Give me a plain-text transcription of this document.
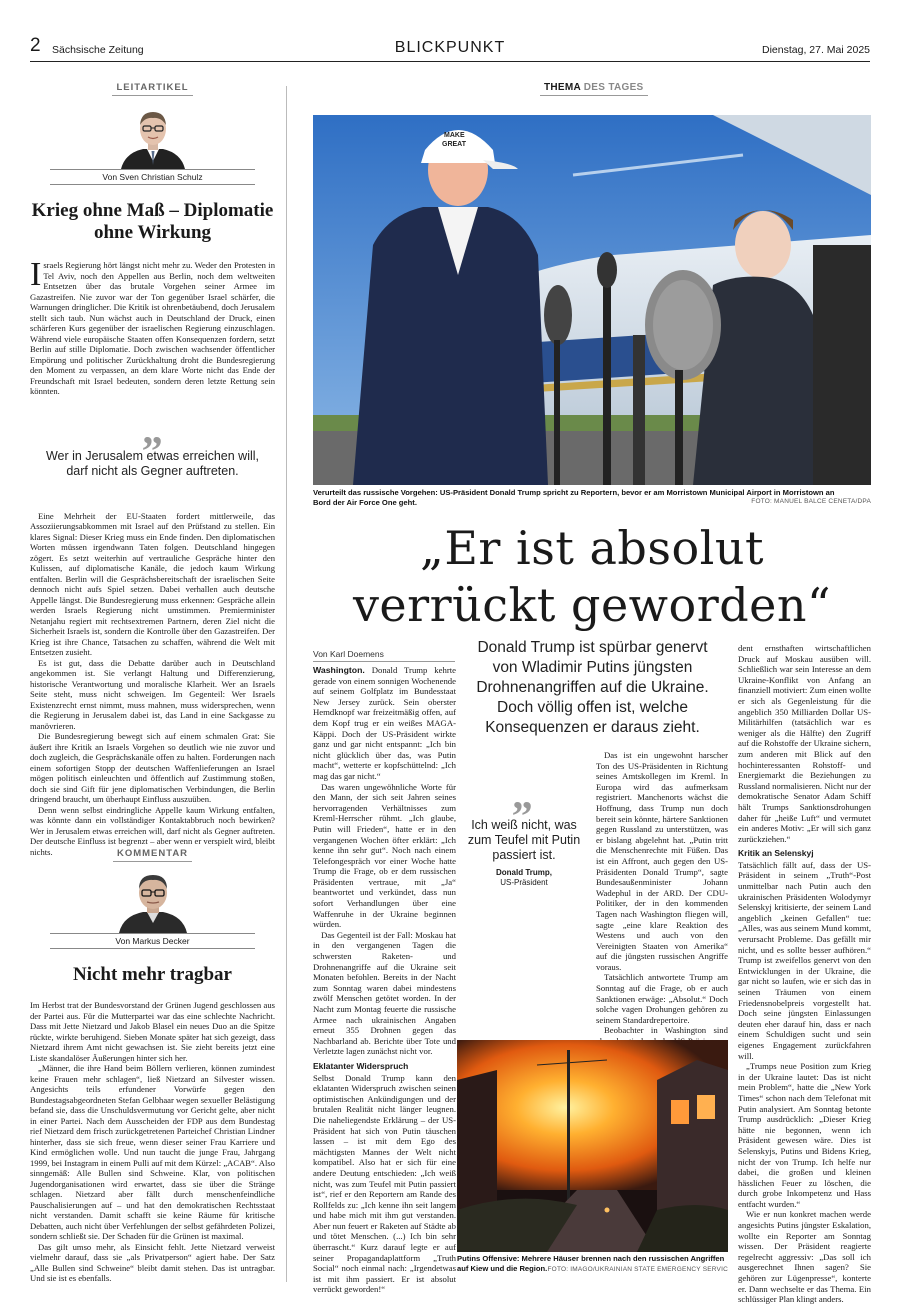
2 Sächsische Zeitung	BLICKPUNKT	Dienstag, 27. Mai 2025
LEITARTIKEL
Von Sven Christian Schulz
Krieg ohne Maß – Diplomatie ohne Wirkung

Israels Regierung hört längst nicht mehr zu. Weder den Protesten in Tel Aviv, noch den Appellen aus Berlin, noch dem weltweiten Entsetzen über das brutale Vorgehen seiner Armee im Gazastreifen. Nie zuvor war der Ton gegenüber Israel schärfer, die Warnungen dringlicher. Die Kritik ist ohrenbetäubend, doch Jerusalem stellt sich taub. Nun wächst auch in Deutschland der Druck, einen schärferen Kurs gegenüber der israelischen Regierung einzuschlagen. Während viele europäische Staaten offen Konsequenzen fordern, setzt Berlin auf stille Diplomatie. Doch zwischen wachsender öffentlicher Empörung und politischer Zurückhaltung droht die Bundesregierung den Moment zu verpassen, an dem klare Worte nicht das Ende der Freundschaft mit Israel bedeuten, sondern deren letzte Rettung sein könnten.

„
Wer in Jerusalem etwas erreichen will, darf nicht als Gegner auftreten.

Eine Mehrheit der EU-Staaten fordert mittlerweile, das Assoziierungsabkommen mit Israel auf den Prüfstand zu stellen. Ein klares Signal: Dieser Krieg muss ein Ende finden. Den diplomatischen Worten müssen irgendwann Taten folgen. Deutschland hingegen zögert. Es setzt weiterhin auf vertrauliche Gespräche hinter den Kulissen, auf diplomatische Kanäle, die jedoch kaum Wirkung entfalten. Berlin will die Gesprächsbereitschaft der israelischen Seite dennoch nicht aufs Spiel setzen. Dabei verhallen auch deutsche Appelle längst. Die Bundesregierung muss erkennen: Gespräche allein werden Israels Regierung nicht umstimmen. Premierminister Netanjahu regiert mit rechtsextremen Partnern, deren Ziel nicht die Sicherheit Israels ist, sondern die Kontrolle über den Gazastreifen. Der Krieg ist ihre Chance, Tatsachen zu schaffen, während die Welt mit Entsetzen zusieht.

Es ist gut, dass die Debatte darüber auch in Deutschland angekommen ist. Sie verlangt Haltung und Differenzierung, historische Verantwortung und moralische Klarheit. Wer an Israels Seite steht, muss nicht schweigen. Im Gegenteil: Wer Israels Existenzrecht ernst nimmt, muss mahnen, muss widersprechen, wenn die Regierung in Jerusalem dabei ist, das Land in eine Sackgasse zu manövrieren.

Die Bundesregierung bewegt sich auf einem schmalen Grat: Sie äußert ihre Kritik an Israels Vorgehen so deutlich wie nie zuvor und doch zugleich, die Gesprächskanäle offen zu halten. Forderungen nach einem sofortigen Stopp der deutschen Waffenlieferungen an Israel mögen politisch einleuchten und öffentlich auf Zustimmung stoßen, doch sie sind Gift für jene diplomatischen Verbindungen, die Berlin dringend braucht, um überhaupt Einfluss auszuüben.

Denn wenn selbst eindringliche Appelle kaum Wirkung entfalten, was könnte dann ein vollständiger Kontaktabbruch noch bewirken? Wer in Jerusalem etwas erreichen will, darf nicht als Gegner auftreten. Der deutsche Einfluss ist begrenzt – aber wenn er verspielt wird, bleibt nichts.	KOMMENTAR
Von Markus Decker
Nicht mehr tragbar

Im Herbst trat der Bundesvorstand der Grünen Jugend geschlossen aus der Partei aus. Für die Mutterpartei war das eine schlechte Nachricht. Dass mit Jette Nietzard und Jakob Blasel ein neues Duo an die Spitze rückte, wirkte beruhigend. Sieben Monate später hat sich gezeigt, dass Nietzard ihrem Amt nicht gewachsen ist. Sie zieht bereits jetzt eine Liste skandalöser Äußerungen hinter sich her.

„Männer, die ihre Hand beim Böllern verlieren, können zumindest keine Frauen mehr schlagen“, ließ Nietzard an Silvester wissen. Angesichts teils erfundener Vorwürfe gegen den Bundestagsabgeordneten Stefan Gelbhaar wegen sexueller Belästigung befand sie, dass die Unschuldsvermutung vor Gericht gelte, aber nicht in einer Partei. Nach dem Ausscheiden der FDP aus dem Bundestag rief Nietzard dem frisch zurückgetretenen Parteichef Christian Lindner hinterher, dass sie sich freue, wenn dieser seiner Frau Karriere und Kind ermöglichen wolle. Und nun taucht die junge Frau, Jahrgang 1999, bei Instagram in einem Pulli auf mit dem Kürzel: „ACAB“. Also sinngemäß: Alle Bullen sind Schweine. Klar, von politischen Jugendorganisationen wird erwartet, dass sie über die Stränge schlagen. Nietzard aber fällt durch menschenfeindliche Pauschalisierungen auf – und hat den demokratischen Rechtsstaat nicht verstanden. Damit schafft sie keine Räume für kritische Debatten, auch nicht über Verfehlungen der selbst gefährdeten Polizei, sondern schließt sie. Der Schaden für die Grünen ist maximal.

Das gilt umso mehr, als Einsicht fehlt. Jette Nietzard verweist vielmehr darauf, dass sie „als Privatperson“ agiert habe. Der Satz „Alle Bullen sind Schweine“ bleibt damit stehen. Das ist untragbar. Und sie ist es ebenfalls.

THEMA DES TAGES
MAKE
GREAT
Verurteilt das russische Vorgehen: US-Präsident Donald Trump spricht zu Reportern, bevor er am Morristown Municipal Airport in Morristown an Bord der Air Force One geht.	FOTO: MANUEL BALCE CENETA/DPA
„Er ist absolut
verrückt geworden“
Donald Trump ist spürbar genervt von Wladimir Putins jüngsten Drohnenangriffen auf die Ukraine. Doch völlig offen ist, welche Konsequenzen er daraus zieht.
Von Karl Doemens

Washington. Donald Trump kehrte gerade von einem sonnigen Wochenende auf seinem Golfplatz im Bundesstaat New Jersey zurück. Sein oberster Hemdknopf war freizeitmäßig offen, auf dem Kopf trug er ein weißes MAGA-Käppi. Doch der US-Präsident wirkte ganz und gar nicht entspannt: „Ich bin nicht glücklich über das, was Putin macht“, wetterte er kopfschüttelnd: „Ich mag das gar nicht.“

Das waren ungewöhnliche Worte für den Mann, der sich seit Jahren seines hervorragenden Verhältnisses zum Kreml-Herrscher rühmt. „Ich glaube, Putin will Frieden“, hatte er in den vergangenen Wochen öfter erklärt: „Ich kenne ihn sehr gut“. Noch nach einem Telefongespräch vor einer Woche hatte Trump die Frage, ob er dem russischen Präsidenten vertraue, mit „Ja“ beantwortet und verkündet, dass nun sofort Verhandlungen über eine Waffenruhe in der Ukraine beginnen würden.

Das Gegenteil ist der Fall: Moskau hat in den vergangenen Tagen die schwersten Raketen- und Drohnenangriffe auf die Ukraine seit Monaten befohlen. Bereits in der Nacht zum Sonntag waren dabei mindestens zwölf Menschen getötet worden. In der Nacht zum Montag feuerte die russische Armee nach ukrainischen Angaben erneut 355 Drohnen gegen das Nachbarland ab. Berichte über Tote und Verletzte lagen zunächst nicht vor.

Eklatanter Widerspruch

Selbst Donald Trump kann den eklatanten Widerspruch zwischen seinen optimistischen Ankündigungen und der brutalen Realität nicht länger leugnen. Die naheliegendste Erklärung – der US-Präsident hat sich von Putin täuschen lassen – ist mit dem Ego des mächtigsten Mannes der Welt nicht kompatibel. Also hat er sich für eine andere Deutung entschieden: „Ich weiß nicht, was zum Teufel mit Putin passiert ist“, rief er den Reportern am Rande des Rollfelds zu: „Ich kenne ihn seit langem und habe mich mit ihm gut verstanden. Aber nun feuert er Raketen auf Städte ab und tötet Menschen. (...) Ich bin sehr überrascht.“ Kurz darauf legte er auf seiner Propagandaplattform „Truth Social“ noch einmal nach: „Irgendetwas ist mit ihm passiert. Er ist absolut verrückt geworden!“

„
Ich weiß nicht, was zum Teufel mit Putin passiert ist.
Donald Trump,
US-Präsident

Das ist ein ungewohnt harscher Ton des US-Präsidenten in Richtung seines Amtskollegen im Kreml. In Europa wird das aufmerksam registriert. Manchenorts wächst die Hoffnung, dass Trump nun doch bereit sein könnte, härtere Sanktionen gegen Russland zu unterstützen, was er bislang abgelehnt hat. „Putin tritt die Menschenrechte mit Füßen. Das ist ein Affront, auch gegen den US-Präsidenten Donald Trump“, sagte Bundesaußenminister Johann Wadephul in der ARD. Der CDU-Politiker, der in den kommenden Tagen nach Washington fliegen will, sagte „eine klare Reaktion des Westens und auch von den Vereinigten Staaten von Amerika“ auf die jüngsten russischen Angriffe voraus.

Tatsächlich antwortete Trump am Sonntag auf die Frage, ob er auch Sanktionen erwäge: „Absolut.“ Doch solche vagen Drohungen gehören zu seinem Standardrepertoire.

Beobachter in Washington sind

dent ernsthaften wirtschaftlichen Druck auf Moskau ausüben will. Schließlich war sein Interesse an dem Ukraine-Konflikt von Anfang an finanziell motiviert: Zum einen wollte er sich als Gegenleistung für die angeblich 350 Milliarden Dollar US-Militärhilfen (tatsächlich war es weniger als die Hälfte) den Zugriff auf die Rohstoffe der Ukraine sichern, zum anderen mit Blick auf den hochinteressanten Rohstoff- und Energiemarkt die Beziehungen zu Russland normalisieren. Nicht nur der demokratische Senator Adam Schiff hält Trumps Sanktionsdrohungen daher für „heiße Luft“ und vermutet ein anderes Motiv: „Er will sich ganz zurückziehen.“

Kritik an Selenskyj

Tatsächlich fällt auf, dass der US-Präsident in seinem „Truth“-Post unmittelbar nach Putin auch den ukrainischen Präsidenten Wolodymyr Selenskyj kritisierte, der seinem Land angeblich „keinen Gefallen“ tue: „Alles, was aus seinem Mund kommt, verursacht Probleme. Das gefällt mir nicht, und es sollte besser aufhören.“ Trump ist zweifellos genervt von den Entwicklungen in der Ukraine, die gar nicht so laufen, wie er sich das in seinen Träumen von einem Friedensnobelpreis vorgestellt hat. Doch seine jüngsten Einlassungen deuten eher darauf hin, dass er nach einem Schuldigen sucht und sein eigenes Engagement zurückfahren will.

„Trumps neue Position zum Krieg in der Ukraine lautet: Das ist nicht mein Problem“, hatte die „New York Times“ schon nach dem Telefonat mit Putin analysiert. Am Sonntag betonte Trump ausdrücklich: „Dieser Krieg hätte nie begonnen, wenn ich Präsident gewesen wäre. Dies ist Selenskyjs, Putins und Bidens Krieg, nicht der von Trump. Ich helfe nur dabei, die großen und kleinen hässlichen Feuer zu löschen, die durch grobe Inkompetenz und Hass entfacht wurden.“

Wie er nun konkret machen werde angesichts Putins jüngster Eskalation, wollte ein Reporter am Sonntag wissen. Der Präsident reagierte regelrecht aggressiv: „Das soll ich ausgerechnet Ihnen sagen? Sie gehören zur Lügenpresse“, konterte er. Dann wechselte er das Thema. Ein schlüssiger Plan klingt anders.

Putins Offensive: Mehrere Häuser brennen nach den russischen Angriffen auf Kiew und die Region. FOTO: IMAGO/UKRAINIAN STATE EMERGENCY SERVIC
